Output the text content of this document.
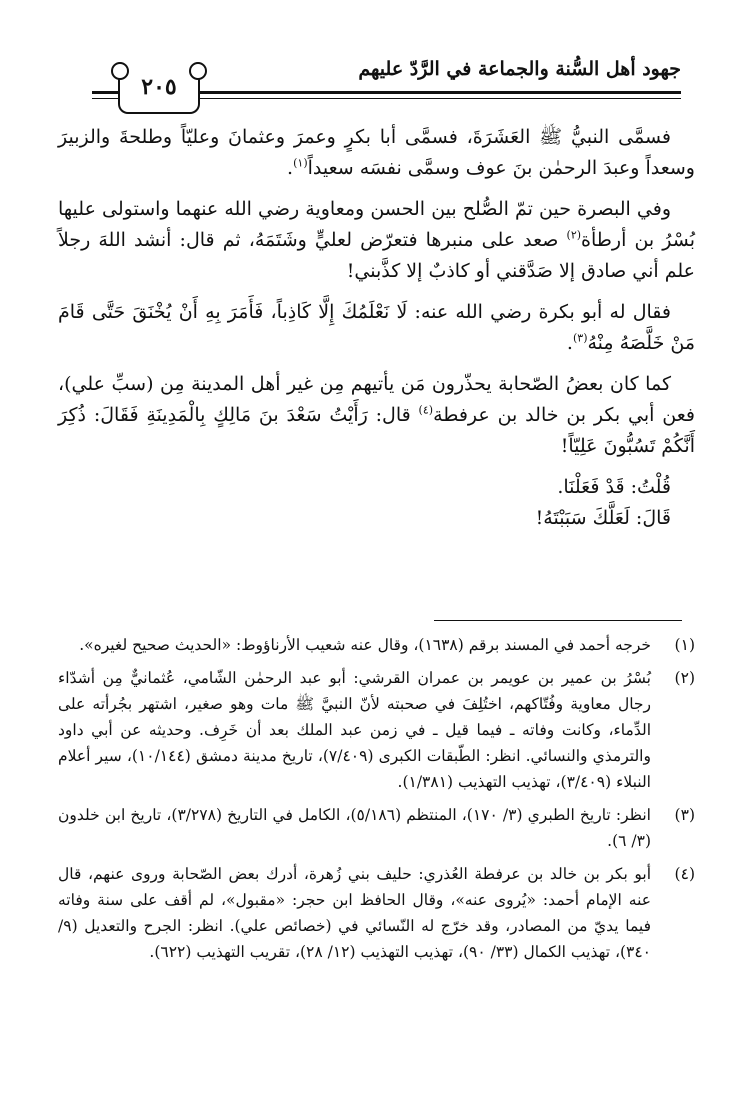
جهود أهل السُّنة والجماعة في الرَّدّ عليهم
٢٠٥

فسمَّى النبيُّ ﷺ العَشَرَةَ، فسمَّى أبا بكرٍ وعمرَ وعثمانَ وعليّاً وطلحةَ والزبيرَ وسعداً وعبدَ الرحمٰن بنَ عوف وسمَّى نفسَه سعيداً$^{(١)}$.

وفي البصرة حين تمّ الصُّلح بين الحسن ومعاوية رضي الله عنهما واستولى عليها بُسْرُ بن أرطأة$^{(٢)}$ صعد على منبرها فتعرّض لعليٍّ وشَتَمَهُ، ثم قال: أنشد اللهَ رجلاً علم أني صادق إلا صَدَّقني أو كاذبٌ إلا كذَّبني!

فقال له أبو بكرة رضي الله عنه: لَا نَعْلَمُكَ إِلَّا كَاذِباً، فَأَمَرَ بِهِ أَنْ يُخْنَقَ حَتَّى قَامَ مَنْ خَلَّصَهُ مِنْهُ$^{(٣)}$.

كما كان بعضُ الصّحابة يحذّرون مَن يأتيهم مِن غير أهل المدينة مِن (سبِّ علي)، فعن أبي بكر بن خالد بن عرفطة$^{(٤)}$ قال: رَأَيْتُ سَعْدَ بنَ مَالِكٍ بِالْمَدِينَةِ فَقَالَ: ذُكِرَ أَنَّكُمْ تَسُبُّونَ عَلِيّاً!

قُلْتُ: قَدْ فَعَلْنَا.

قَالَ: لَعَلَّكَ سَبَبْتَهُ!

(١)
خرجه أحمد في المسند برقم (١٦٣٨)، وقال عنه شعيب الأرناؤوط: «الحديث صحيح لغيره».
(٢)
بُسْرُ بن عمير بن عويمر بن عمران القرشي: أبو عبد الرحمٰن الشّامي، عُثمانيٌّ مِن أشدّاء رجال معاوية وفُتّاكهم، اختُلِفَ في صحبته لأنّ النبيَّ ﷺ مات وهو صغير، اشتهر بجُرأته على الدِّماء، وكانت وفاته ـ فيما قيل ـ في زمن عبد الملك بعد أن خَرِف. وحديثه عن أبي داود والترمذي والنسائي. انظر: الطّبقات الكبرى (٧/٤٠٩)، تاريخ مدينة دمشق (١٠/١٤٤)، سير أعلام النبلاء (٣/٤٠٩)، تهذيب التهذيب (١/٣٨١).
(٣)
انظر: تاريخ الطبري (٣/ ١٧٠)، المنتظم (٥/١٨٦)، الكامل في التاريخ (٣/٢٧٨)، تاريخ ابن خلدون (٣/ ٦).
(٤)
أبو بكر بن خالد بن عرفطة العُذري: حليف بني زُهرة، أدرك بعض الصّحابة وروى عنهم، قال عنه الإمام أحمد: «يُروى عنه»، وقال الحافظ ابن حجر: «مقبول»، لم أقف على سنة وفاته فيما يديّ من المصادر، وقد خرّج له النّسائي في (خصائص علي). انظر: الجرح والتعديل (٩/ ٣٤٠)، تهذيب الكمال (٣٣/ ٩٠)، تهذيب التهذيب (١٢/ ٢٨)، تقريب التهذيب (٦٢٢).
